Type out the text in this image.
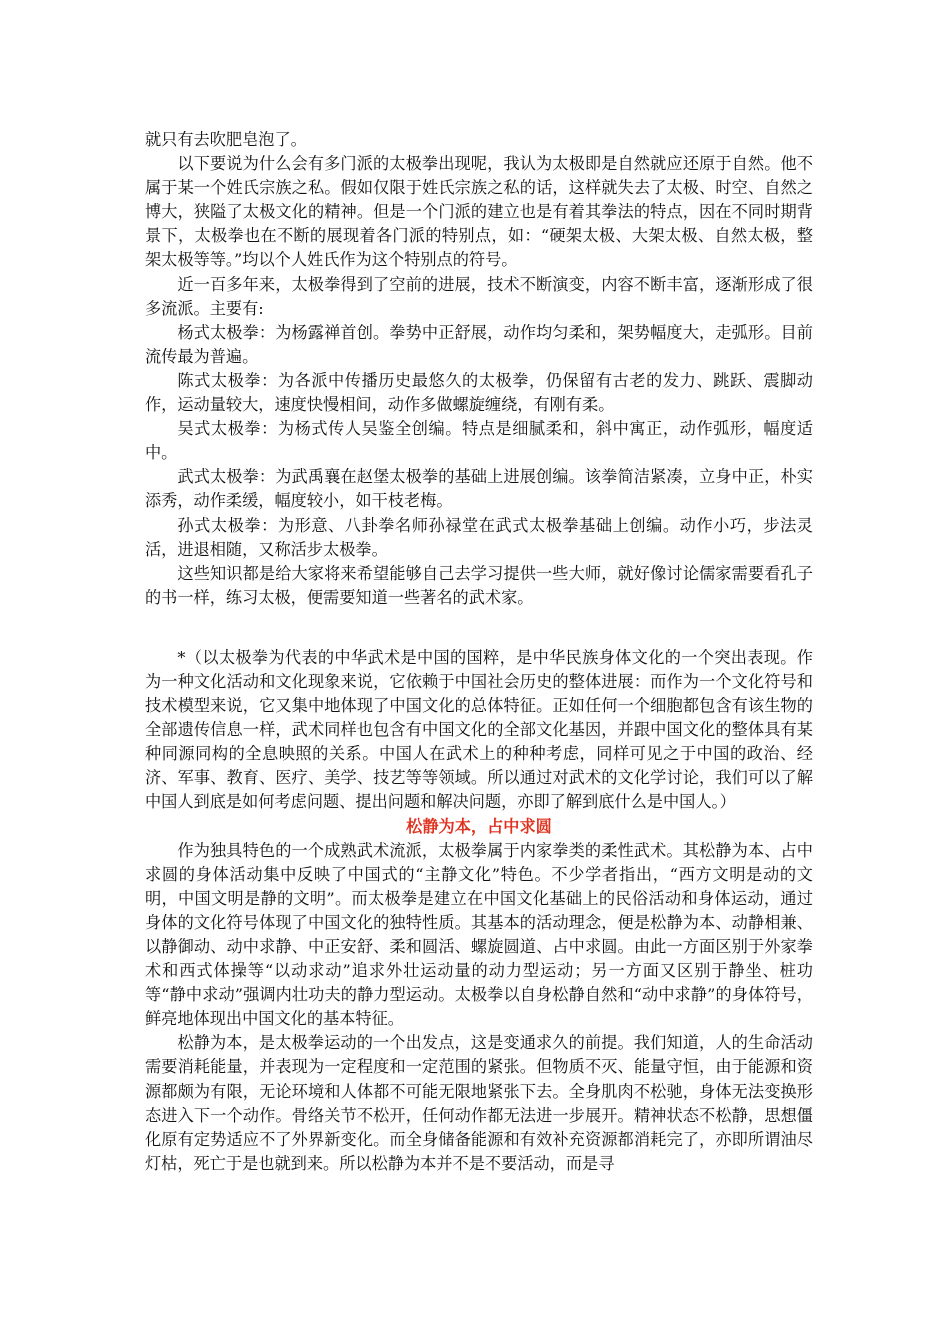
就只有去吹肥皂泡了。

以下要说为什么会有多门派的太极拳出现呢，我认为太极即是自然就应还原于自然。他不属于某一个姓氏宗族之私。假如仅限于姓氏宗族之私的话，这样就失去了太极、时空、自然之博大，狭隘了太极文化的精神。但是一个门派的建立也是有着其拳法的特点，因在不同时期背景下，太极拳也在不断的展现着各门派的特别点，如：“硬架太极、大架太极、自然太极，整架太极等等。”均以个人姓氏作为这个特别点的符号。

近一百多年来，太极拳得到了空前的进展，技术不断演变，内容不断丰富，逐渐形成了很多流派。主要有:

杨式太极拳：为杨露禅首创。拳势中正舒展，动作均匀柔和，架势幅度大，走弧形。目前流传最为普遍。

陈式太极拳：为各派中传播历史最悠久的太极拳，仍保留有古老的发力、跳跃、震脚动作，运动量较大，速度快慢相间，动作多做螺旋缠绕，有刚有柔。

吴式太极拳：为杨式传人吴鉴全创编。特点是细腻柔和，斜中寓正，动作弧形，幅度适中。

武式太极拳：为武禹襄在赵堡太极拳的基础上进展创编。该拳简洁紧凑，立身中正，朴实添秀，动作柔缓，幅度较小，如干枝老梅。

孙式太极拳：为形意、八卦拳名师孙禄堂在武式太极拳基础上创编。动作小巧，步法灵活，进退相随，又称活步太极拳。

这些知识都是给大家将来希望能够自己去学习提供一些大师，就好像讨论儒家需要看孔子的书一样，练习太极，便需要知道一些著名的武术家。

*（以太极拳为代表的中华武术是中国的国粹，是中华民族身体文化的一个突出表现。作为一种文化活动和文化现象来说，它依赖于中国社会历史的整体进展：而作为一个文化符号和技术模型来说，它又集中地体现了中国文化的总体特征。正如任何一个细胞都包含有该生物的全部遗传信息一样，武术同样也包含有中国文化的全部文化基因，并跟中国文化的整体具有某种同源同构的全息映照的关系。中国人在武术上的种种考虑，同样可见之于中国的政治、经济、军事、教育、医疗、美学、技艺等等领域。所以通过对武术的文化学讨论，我们可以了解中国人到底是如何考虑问题、提出问题和解决问题，亦即了解到底什么是中国人。）

松静为本，占中求圆

作为独具特色的一个成熟武术流派，太极拳属于内家拳类的柔性武术。其松静为本、占中求圆的身体活动集中反映了中国式的“主静文化”特色。不少学者指出，“西方文明是动的文明，中国文明是静的文明”。而太极拳是建立在中国文化基础上的民俗活动和身体运动，通过身体的文化符号体现了中国文化的独特性质。其基本的活动理念，便是松静为本、动静相兼、以静御动、动中求静、中正安舒、柔和圆活、螺旋圆道、占中求圆。由此一方面区别于外家拳术和西式体操等“以动求动”追求外壮运动量的动力型运动；另一方面又区别于静坐、桩功等“静中求动”强调内壮功夫的静力型运动。太极拳以自身松静自然和“动中求静”的身体符号，鲜亮地体现出中国文化的基本特征。

松静为本，是太极拳运动的一个出发点，这是变通求久的前提。我们知道，人的生命活动需要消耗能量，并表现为一定程度和一定范围的紧张。但物质不灭、能量守恒，由于能源和资源都颇为有限，无论环境和人体都不可能无限地紧张下去。全身肌肉不松驰，身体无法变换形态进入下一个动作。骨络关节不松开，任何动作都无法进一步展开。精神状态不松静，思想僵化原有定势适应不了外界新变化。而全身储备能源和有效补充资源都消耗完了，亦即所谓油尽灯枯，死亡于是也就到来。所以松静为本并不是不要活动，而是寻
